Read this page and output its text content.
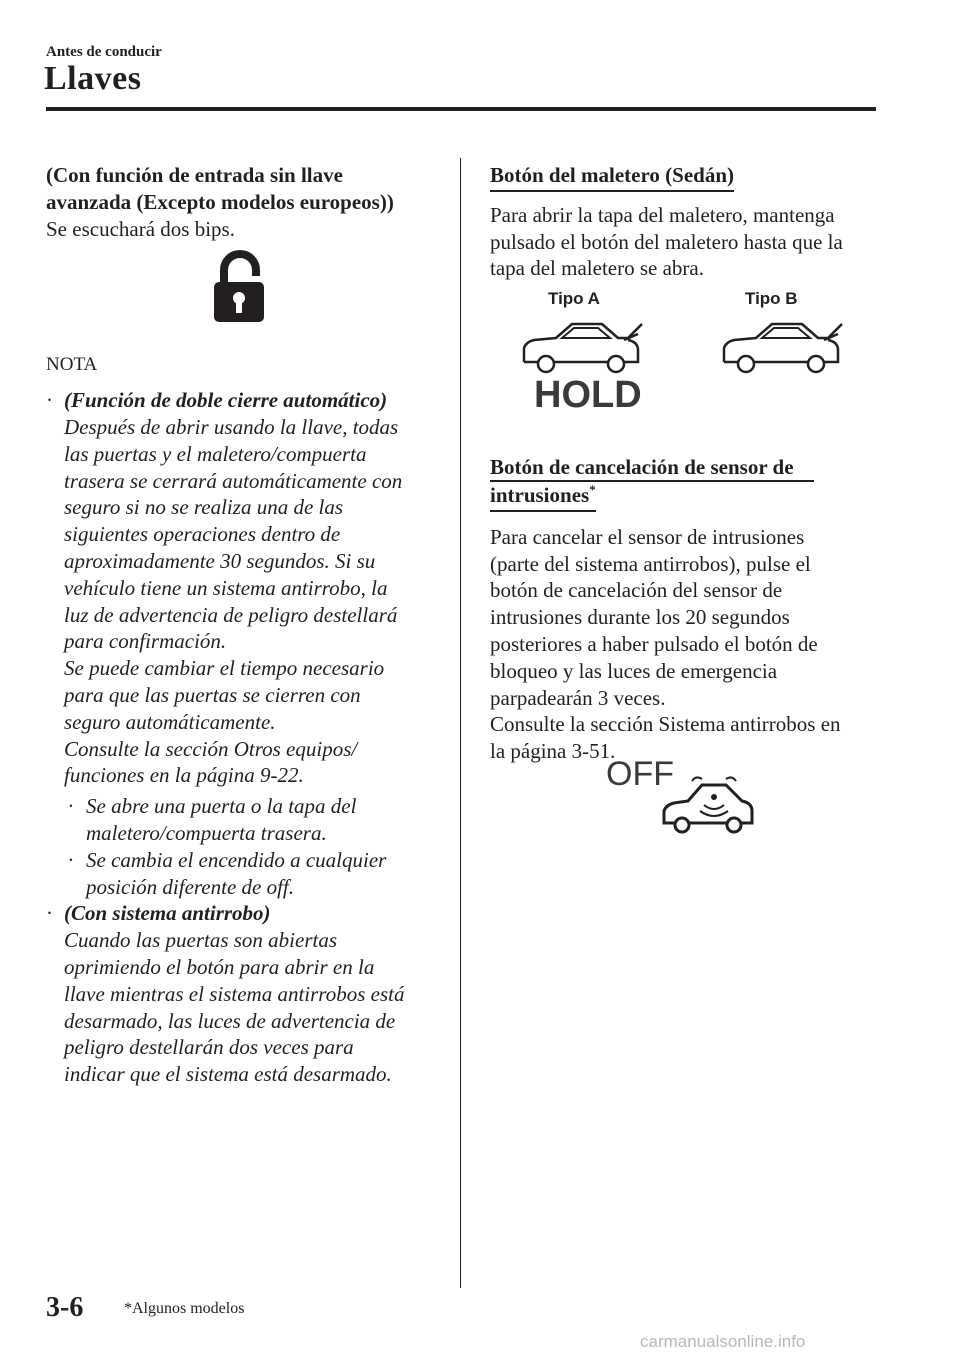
Antes de conducir
Llaves

(Con función de entrada sin llave

avanzada (Excepto modelos europeos))

Se escuchará dos bips.

NOTA

· (Función de doble cierre automático)

Después de abrir usando la llave, todas

las puertas y el maletero/compuerta

trasera se cerrará automáticamente con

seguro si no se realiza una de las

siguientes operaciones dentro de

aproximadamente 30 segundos. Si su

vehículo tiene un sistema antirrobo, la

luz de advertencia de peligro destellará

para confirmación.

Se puede cambiar el tiempo necesario

para que las puertas se cierren con

seguro automáticamente.

Consulte la sección Otros equipos/

funciones en la página 9-22.

· Se abre una puerta o la tapa del

maletero/compuerta trasera.

· Se cambia el encendido a cualquier

posición diferente de off.

· (Con sistema antirrobo)

Cuando las puertas son abiertas

oprimiendo el botón para abrir en la

llave mientras el sistema antirrobos está

desarmado, las luces de advertencia de

peligro destellarán dos veces para

indicar que el sistema está desarmado.

Botón del maletero (Sedán)

Para abrir la tapa del maletero, mantenga

pulsado el botón del maletero hasta que la

tapa del maletero se abra.

Tipo A	Tipo B
HOLD

Botón de cancelación de sensor de

intrusiones*

Para cancelar el sensor de intrusiones

(parte del sistema antirrobos), pulse el

botón de cancelación del sensor de

intrusiones durante los 20 segundos

posteriores a haber pulsado el botón de

bloqueo y las luces de emergencia

parpadearán 3 veces.

Consulte la sección Sistema antirrobos en

la página 3-51.

OFF
3-6	*Algunos modelos
carmanualsonline.info
